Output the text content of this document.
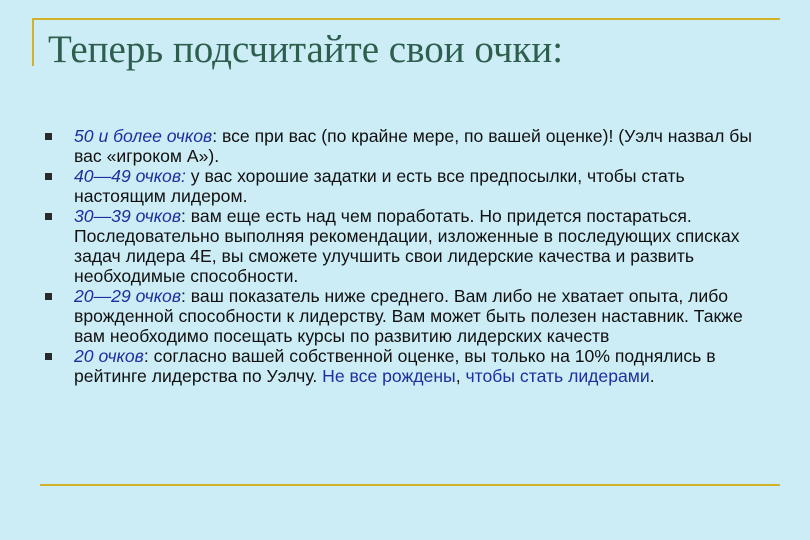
Теперь подсчитайте свои очки:
50 и более очков: все при вас (по крайне мере, по вашей оценке)! (Уэлч назвал бы вас «игроком А»).
40—49 очков: у вас хорошие задатки и есть все предпосылки, чтобы стать настоящим лидером.
30—39 очков: вам еще есть над чем поработать. Но придется постараться. Последовательно выполняя рекомендации, изложенные в последующих списках задач лидера 4E, вы сможете улучшить свои лидерские качества и развить необходимые способности.
20—29 очков: ваш показатель ниже среднего. Вам либо не хватает опыта, либо врожденной способности к лидерству. Вам может быть полезен наставник. Также вам необходимо посещать курсы по развитию лидерских качеств
20 очков: согласно вашей собственной оценке, вы только на 10% поднялись в рейтинге лидерства по Уэлчу. Не все рождены, чтобы стать лидерами.
